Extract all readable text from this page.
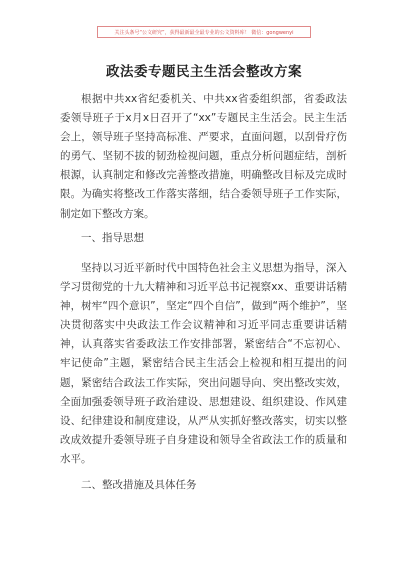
关注头条号“公文研究”，获得最新最全最专业的公文资料库！ 微信：gongwenyi
政法委专题民主生活会整改方案
根据中共xx省纪委机关、中共xx省委组织部，省委政法委领导班子于x月x日召开了“xx”专题民主生活会。民主生活会上，领导班子坚持高标准、严要求，直面问题，以刮骨疗伤的勇气、坚韧不拔的韧劲检视问题，重点分析问题症结，剖析根源，认真制定和修改完善整改措施，明确整改目标及完成时限。为确实将整改工作落实落细，结合委领导班子工作实际，制定如下整改方案。
一、指导思想
坚持以习近平新时代中国特色社会主义思想为指导，深入学习贯彻党的十九大精神和习近平总书记视察xx、重要讲话精神，树牢“四个意识”，坚定“四个自信”，做到“两个维护”，坚决贯彻落实中央政法工作会议精神和习近平同志重要讲话精神，认真落实省委政法工作安排部署，紧密结合“不忘初心、牢记使命”主题，紧密结合民主生活会上检视和相互提出的问题，紧密结合政法工作实际，突出问题导向、突出整改实效，全面加强委领导班子政治建设、思想建设、组织建设、作风建设、纪律建设和制度建设，从严从实抓好整改落实，切实以整改成效提升委领导班子自身建设和领导全省政法工作的质量和水平。
二、整改措施及具体任务
